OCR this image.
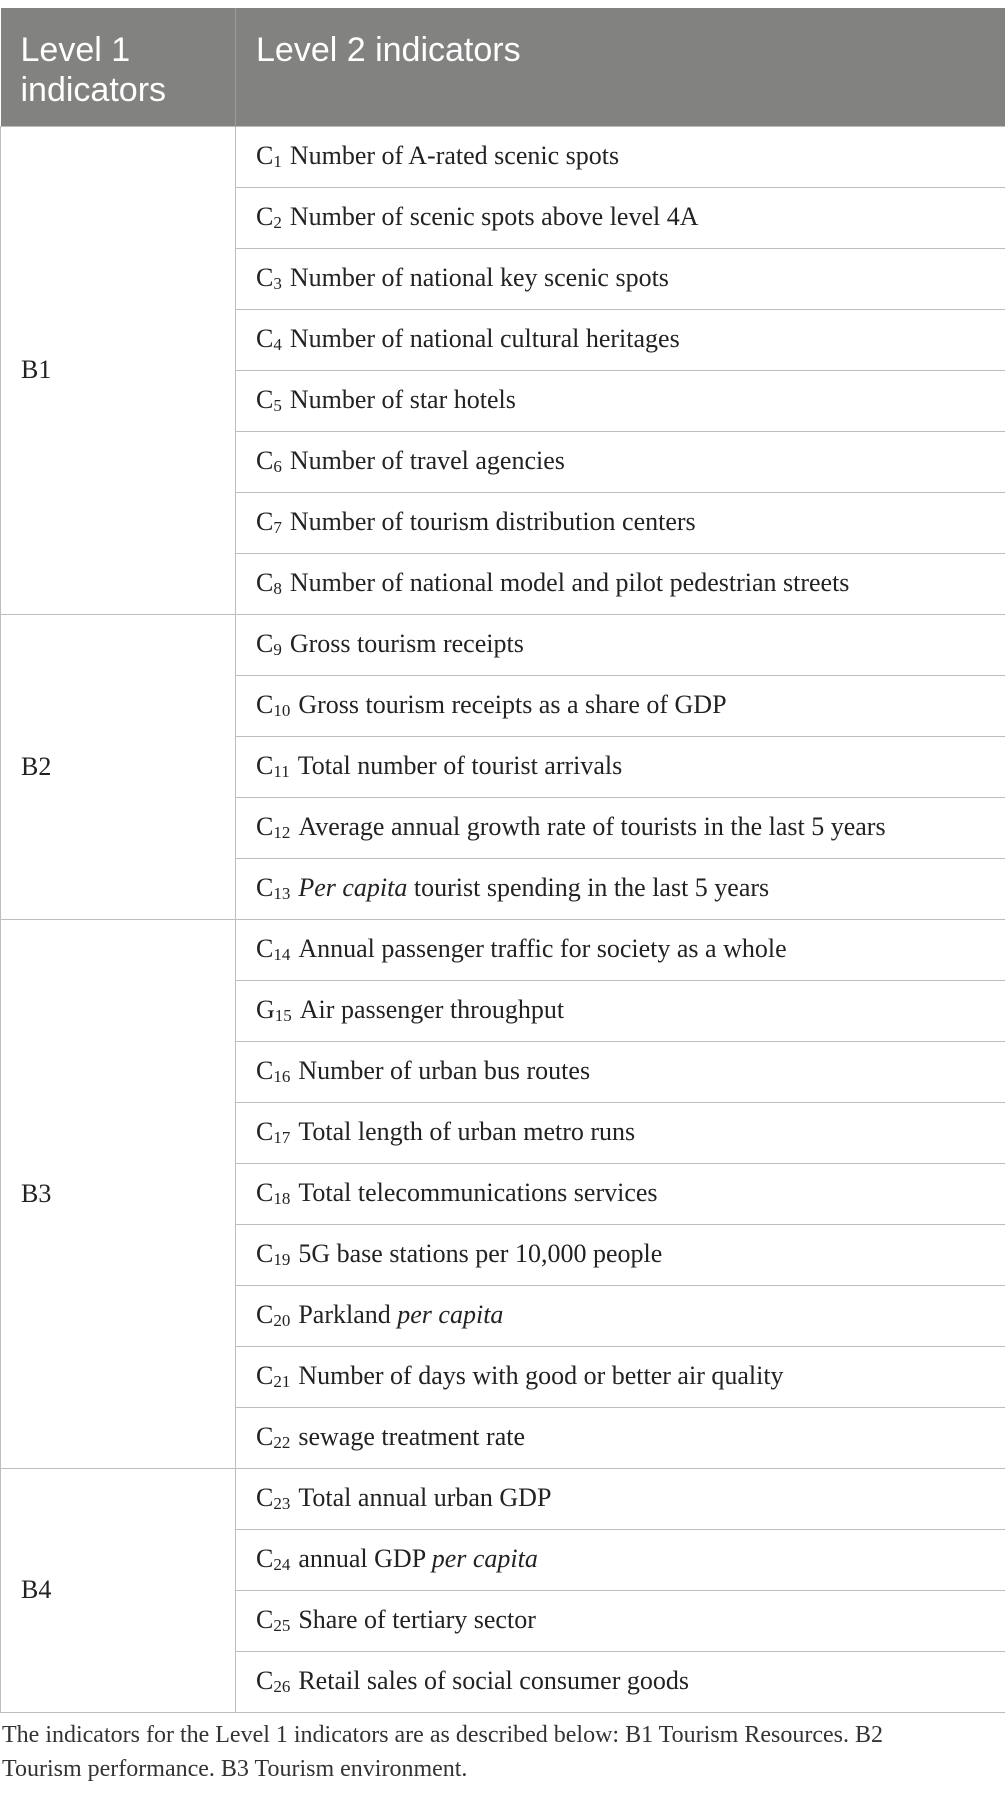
Level 1
indicators	Level 2 indicators
B1	$C_1$ Number of A-rated scenic spots
	$C_2$ Number of scenic spots above level 4A
	$C_3$ Number of national key scenic spots
	$C_4$ Number of national cultural heritages
	$C_5$ Number of star hotels
	$C_6$ Number of travel agencies
	$C_7$ Number of tourism distribution centers
	$C_8$ Number of national model and pilot pedestrian streets
B2	$C_9$ Gross tourism receipts
	$C_{10}$ Gross tourism receipts as a share of GDP
	$C_{11}$ Total number of tourist arrivals
	$C_{12}$ Average annual growth rate of tourists in the last 5 years
	$C_{13}$ Per capita tourist spending in the last 5 years
B3	$C_{14}$ Annual passenger traffic for society as a whole
	$G_{15}$ Air passenger throughput
	$C_{16}$ Number of urban bus routes
	$C_{17}$ Total length of urban metro runs
	$C_{18}$ Total telecommunications services
	$C_{19}$ 5G base stations per 10,000 people
	$C_{20}$ Parkland per capita
	$C_{21}$ Number of days with good or better air quality
	$C_{22}$ sewage treatment rate
B4	$C_{23}$ Total annual urban GDP
	$C_{24}$ annual GDP per capita
	$C_{25}$ Share of tertiary sector
	$C_{26}$ Retail sales of social consumer goods
The indicators for the Level 1 indicators are as described below: B1 Tourism Resources. B2
Tourism performance. B3 Tourism environment.
